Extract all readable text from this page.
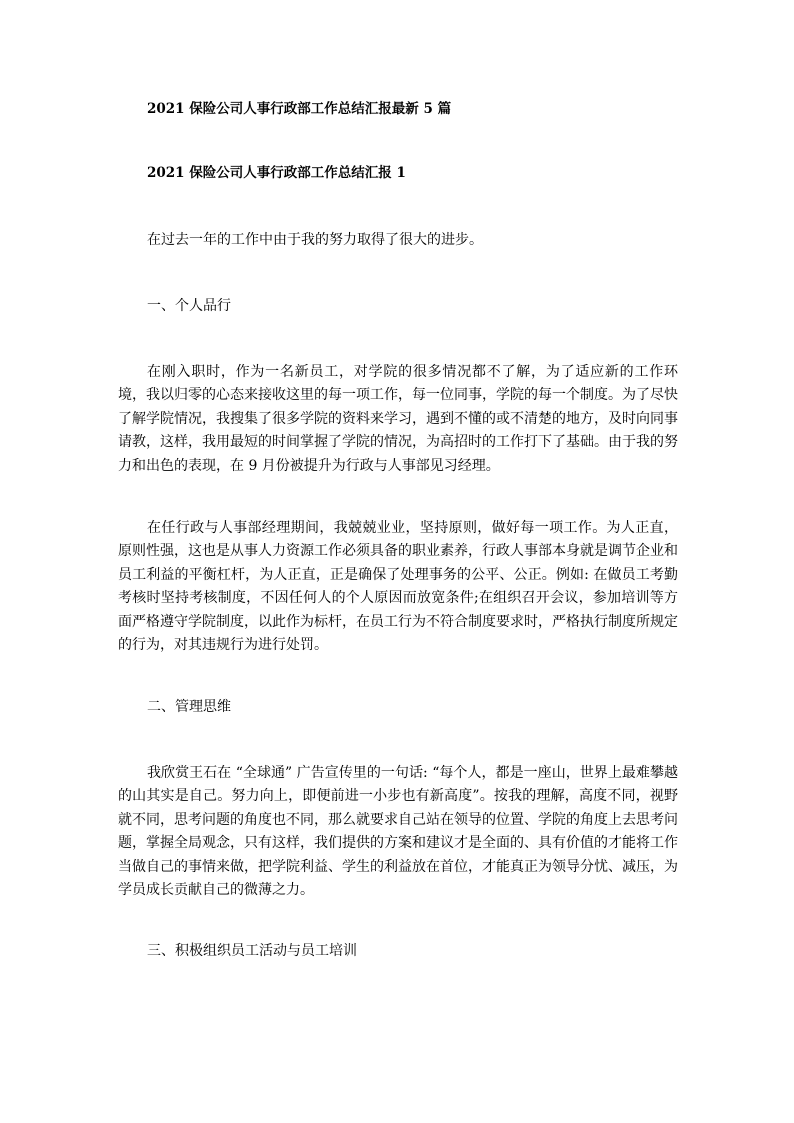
2021 保险公司人事行政部工作总结汇报最新 5 篇
2021 保险公司人事行政部工作总结汇报 1
在过去一年的工作中由于我的努力取得了很大的进步。
一、个人品行

在刚入职时，作为一名新员工，对学院的很多情况都不了解，为了适应新的工作环境，我以归零的心态来接收这里的每一项工作，每一位同事，学院的每一个制度。为了尽快了解学院情况，我搜集了很多学院的资料来学习，遇到不懂的或不清楚的地方，及时向同事请教，这样，我用最短的时间掌握了学院的情况，为高招时的工作打下了基础。由于我的努力和出色的表现，在 9 月份被提升为行政与人事部见习经理。

在任行政与人事部经理期间，我兢兢业业，坚持原则，做好每一项工作。为人正直，原则性强，这也是从事人力资源工作必须具备的职业素养，行政人事部本身就是调节企业和员工利益的平衡杠杆，为人正直，正是确保了处理事务的公平、公正。例如: 在做员工考勤考核时坚持考核制度，不因任何人的个人原因而放宽条件;在组织召开会议，参加培训等方面严格遵守学院制度，以此作为标杆，在员工行为不符合制度要求时，严格执行制度所规定的行为，对其违规行为进行处罚。

二、管理思维

我欣赏王石在 “全球通” 广告宣传里的一句话: “每个人，都是一座山，世界上最难攀越的山其实是自己。努力向上，即便前进一小步也有新高度”。按我的理解，高度不同，视野就不同，思考问题的角度也不同，那么就要求自己站在领导的位置、学院的角度上去思考问题，掌握全局观念，只有这样，我们提供的方案和建议才是全面的、具有价值的才能将工作当做自己的事情来做，把学院利益、学生的利益放在首位，才能真正为领导分忧、减压，为学员成长贡献自己的微薄之力。

三、积极组织员工活动与员工培训
